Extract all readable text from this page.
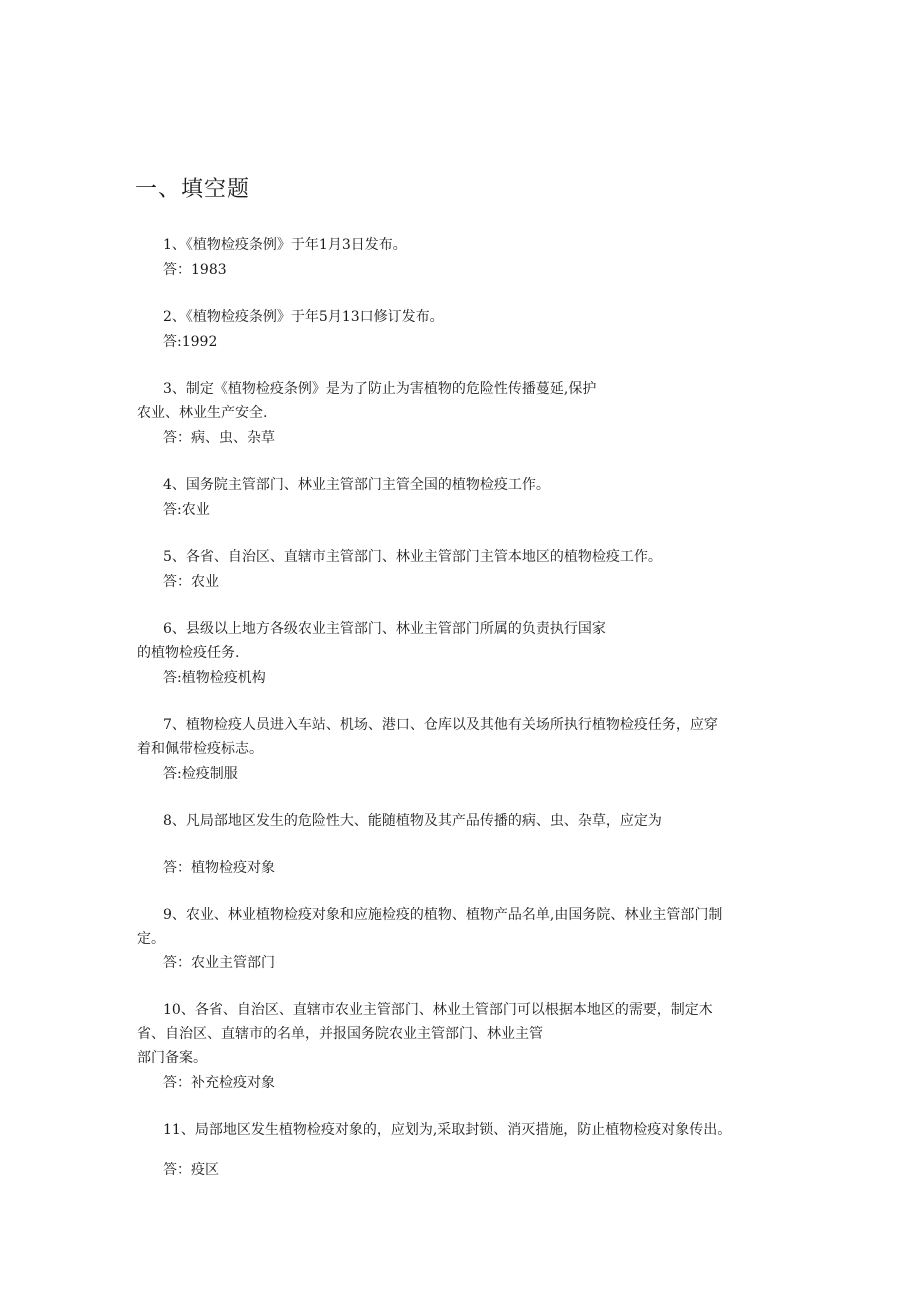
一、填空题
1、《植物检疫条例》于年1月3日发布。
答：1983
2、《植物检疫条例》于年5月13口修订发布。
答:1992
3、制定《植物检疫条例》是为了防止为害植物的危险性传播蔓延,保护
农业、林业生产安全.
答：病、虫、杂草
4、国务院主管部门、林业主管部门主管全国的植物检疫工作。
答:农业
5、各省、自治区、直辖市主管部门、林业主管部门主管本地区的植物检疫工作。
答：农业
6、县级以上地方各级农业主管部门、林业主管部门所属的负责执行国家
的植物检疫任务.
答:植物检疫机构
7、植物检疫人员进入车站、机场、港口、仓库以及其他有关场所执行植物检疫任务，应穿
着和佩带检疫标志。
答:检疫制服
8、凡局部地区发生的危险性大、能随植物及其产品传播的病、虫、杂草，应定为
答：植物检疫对象
9、农业、林业植物检疫对象和应施检疫的植物、植物产品名单,由国务院、林业主管部门制
定。
答：农业主管部门
10、各省、自治区、直辖市农业主管部门、林业土管部门可以根据本地区的需要，制定木
省、自治区、直辖市的名单，并报国务院农业主管部门、林业主管
部门备案。
答：补充检疫对象
11、局部地区发生植物检疫对象的，应划为,采取封锁、消灭措施，防止植物检疫对象传出。
答：疫区
